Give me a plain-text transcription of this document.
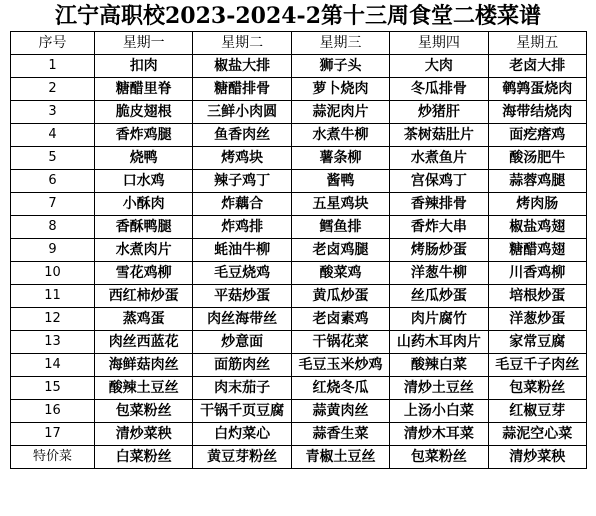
江宁高职校2023-2024-2第十三周食堂二楼菜谱
序号	星期一	星期二	星期三	星期四	星期五
1	扣肉	椒盐大排	狮子头	大肉	老卤大排
2	糖醋里脊	糖醋排骨	萝卜烧肉	冬瓜排骨	鹌鹑蛋烧肉
3	脆皮翅根	三鲜小肉圆	蒜泥肉片	炒猪肝	海带结烧肉
4	香炸鸡腿	鱼香肉丝	水煮牛柳	茶树菇肚片	面疙瘩鸡
5	烧鸭	烤鸡块	薯条柳	水煮鱼片	酸汤肥牛
6	口水鸡	辣子鸡丁	酱鸭	宫保鸡丁	蒜蓉鸡腿
7	小酥肉	炸藕合	五星鸡块	香辣排骨	烤肉肠
8	香酥鸭腿	炸鸡排	鳕鱼排	香炸大串	椒盐鸡翅
9	水煮肉片	蚝油牛柳	老卤鸡腿	烤肠炒蛋	糖醋鸡翅
10	雪花鸡柳	毛豆烧鸡	酸菜鸡	洋葱牛柳	川香鸡柳
11	西红柿炒蛋	平菇炒蛋	黄瓜炒蛋	丝瓜炒蛋	培根炒蛋
12	蒸鸡蛋	肉丝海带丝	老卤素鸡	肉片腐竹	洋葱炒蛋
13	肉丝西蓝花	炒意面	干锅花菜	山药木耳肉片	家常豆腐
14	海鲜菇肉丝	面筋肉丝	毛豆玉米炒鸡	酸辣白菜	毛豆千子肉丝
15	酸辣土豆丝	肉末茄子	红烧冬瓜	清炒土豆丝	包菜粉丝
16	包菜粉丝	干锅千页豆腐	蒜黄肉丝	上汤小白菜	红椒豆芽
17	清炒菜秧	白灼菜心	蒜香生菜	清炒木耳菜	蒜泥空心菜
特价菜	白菜粉丝	黄豆芽粉丝	青椒土豆丝	包菜粉丝	清炒菜秧
